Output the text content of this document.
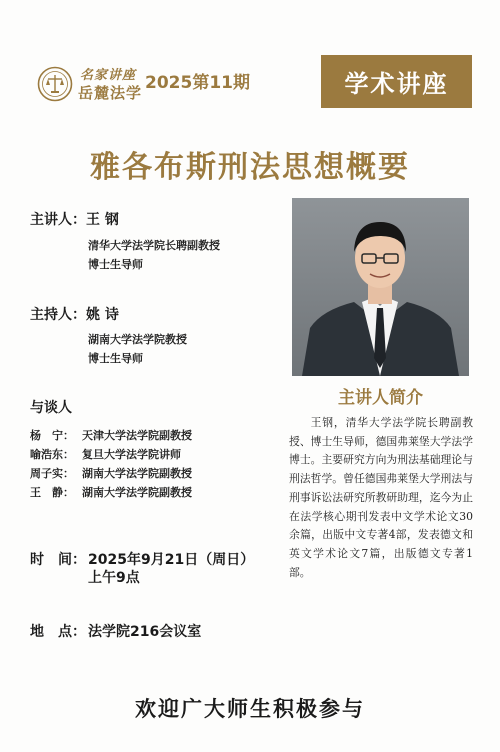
名家讲座
岳麓法学 2025第11期	学术讲座
雅各布斯刑法思想概要
主讲人：王 钢
清华大学法学院长聘副教授
博士生导师
主持人：姚 诗
湖南大学法学院教授
博士生导师
与谈人
杨　宁： 天津大学法学院副教授
喻浩东： 复旦大学法学院讲师
周子实： 湖南大学法学院副教授
王　静： 湖南大学法学院副教授
时　间： 2025年9月21日（周日）
上午9点
地　点： 法学院216会议室
主讲人简介

王钢，清华大学法学院长聘副教授、博士生导师，德国弗莱堡大学法学博士。主要研究方向为刑法基础理论与刑法哲学。曾任德国弗莱堡大学刑法与刑事诉讼法研究所教研助理，迄今为止在法学核心期刊发表中文学术论文30余篇，出版中文专著4部，发表德文和英文学术论文7篇，出版德文专著1部。

欢迎广大师生积极参与
